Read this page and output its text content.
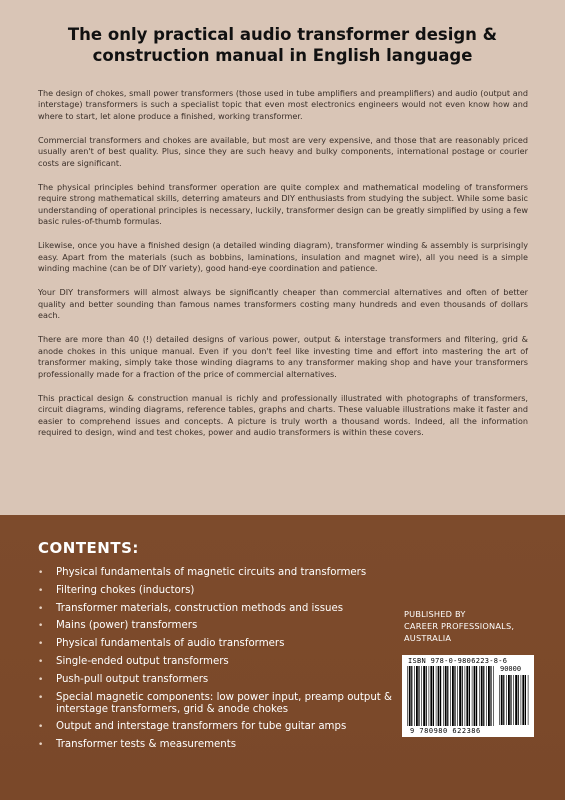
The only practical audio transformer design &
construction manual in English language

The design of chokes, small power transformers (those used in tube amplifiers and preamplifiers) and audio (output and interstage) transformers is such a specialist topic that even most electronics engineers would not even know how and where to start, let alone produce a finished, working transformer.

Commercial transformers and chokes are available, but most are very expensive, and those that are reasonably priced usually aren't of best quality. Plus, since they are such heavy and bulky components, international postage or courier costs are significant.

The physical principles behind transformer operation are quite complex and mathematical modeling of transformers require strong mathematical skills, deterring amateurs and DIY enthusiasts from studying the subject. While some basic understanding of operational principles is necessary, luckily, transformer design can be greatly simplified by using a few basic rules-of-thumb formulas.

Likewise, once you have a finished design (a detailed winding diagram), transformer winding & assembly is surprisingly easy. Apart from the materials (such as bobbins, laminations, insulation and magnet wire), all you need is a simple winding machine (can be of DIY variety), good hand-eye coordination and patience.

Your DIY transformers will almost always be significantly cheaper than commercial alternatives and often of better quality and better sounding than famous names transformers costing many hundreds and even thousands of dollars each.

There are more than 40 (!) detailed designs of various power, output & interstage transformers and filtering, grid & anode chokes in this unique manual. Even if you don't feel like investing time and effort into mastering the art of transformer making, simply take those winding diagrams to any transformer making shop and have your transformers professionally made for a fraction of the price of commercial alternatives.

This practical design & construction manual is richly and professionally illustrated with photographs of transformers, circuit diagrams, winding diagrams, reference tables, graphs and charts. These valuable illustrations make it faster and easier to comprehend issues and concepts. A picture is truly worth a thousand words. Indeed, all the information required to design, wind and test chokes, power and audio transformers is within these covers.

CONTENTS:
• Physical fundamentals of magnetic circuits and transformers
• Filtering chokes (inductors)
• Transformer materials, construction methods and issues
• Mains (power) transformers
• Physical fundamentals of audio transformers
• Single-ended output transformers
• Push-pull output transformers
• Special magnetic components: low power input, preamp output & interstage transformers, grid & anode chokes
• Output and interstage transformers for tube guitar amps
• Transformer tests & measurements
PUBLISHED BY
CAREER PROFESSIONALS,
AUSTRALIA
ISBN 978-0-9806223-8-6
90000
9 780980 622386
